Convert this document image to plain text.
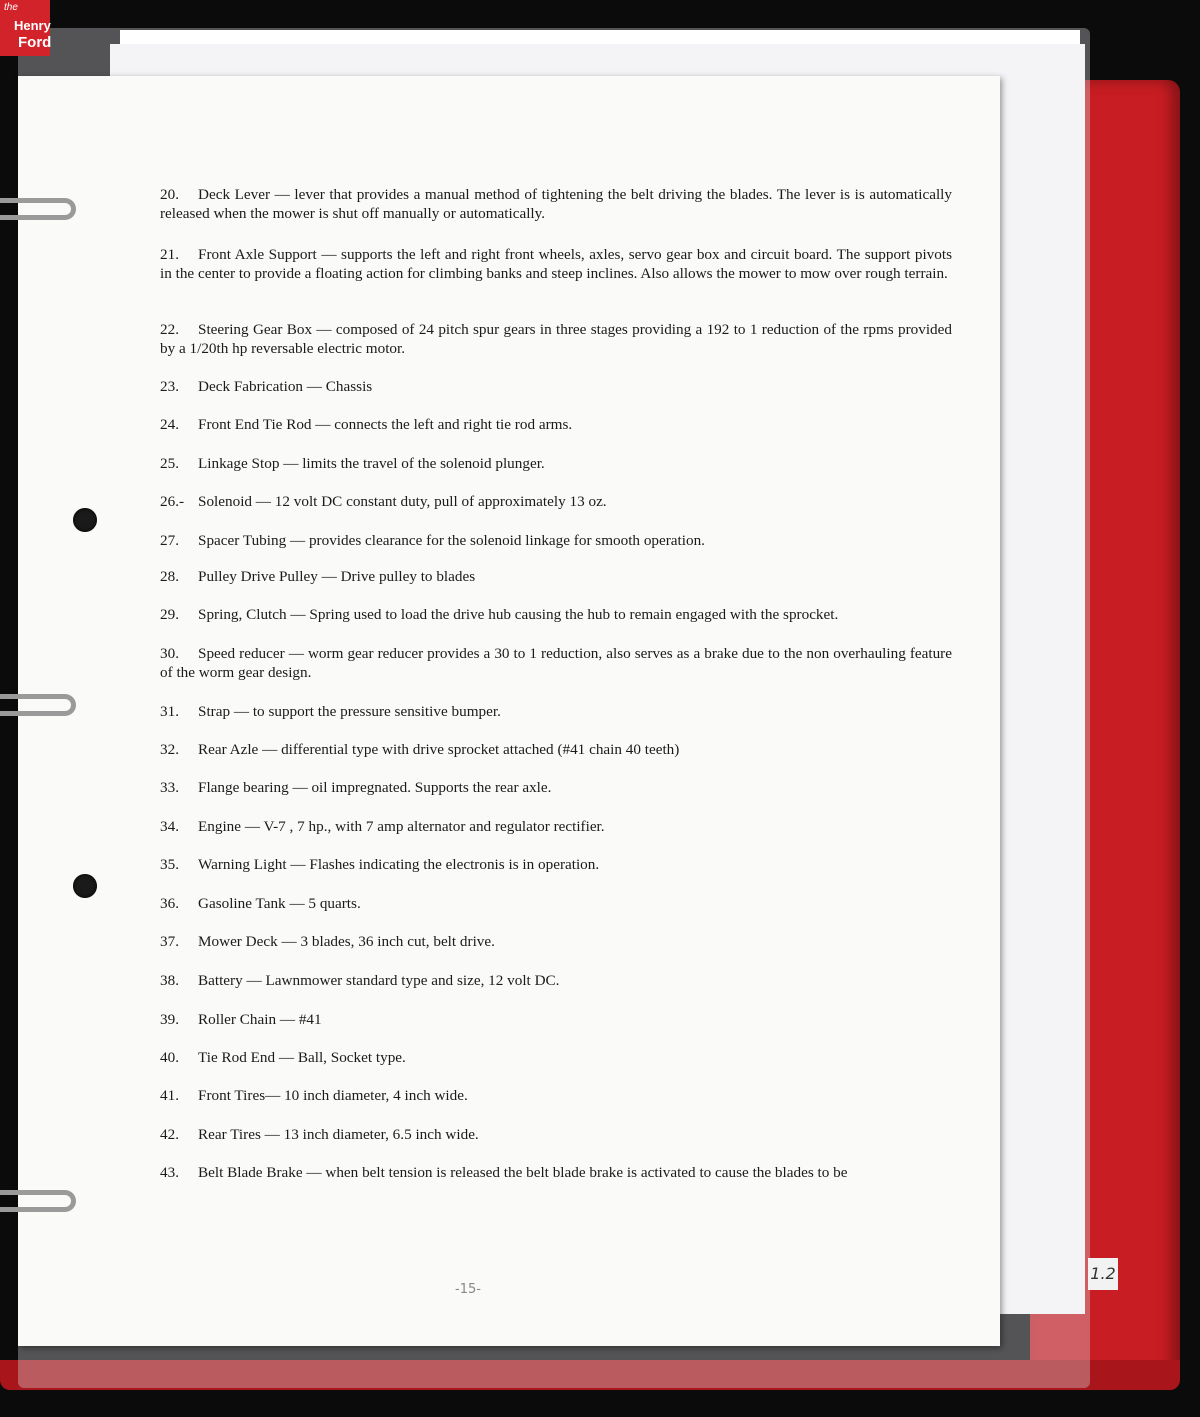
1.2
-15-
the
Henry
Ford
20. Deck Lever — lever that provides a manual method of tightening the belt driving the blades. The lever is is automatically released when the mower is shut off manually or automatically.
21. Front Axle Support — supports the left and right front wheels, axles, servo gear box and circuit board. The support pivots in the center to provide a floating action for climbing banks and steep inclines. Also allows the mower to mow over rough terrain.
22. Steering Gear Box — composed of 24 pitch spur gears in three stages providing a 192 to 1 reduction of the rpms provided by a 1/20th hp reversable electric motor.
23. Deck Fabrication — Chassis
24. Front End Tie Rod — connects the left and right tie rod arms.
25. Linkage Stop — limits the travel of the solenoid plunger.
26.- Solenoid — 12 volt DC constant duty, pull of approximately 13 oz.
27. Spacer Tubing — provides clearance for the solenoid linkage for smooth operation.
28. Pulley Drive Pulley — Drive pulley to blades
29. Spring, Clutch — Spring used to load the drive hub causing the hub to remain engaged with the sprocket.
30. Speed reducer — worm gear reducer provides a 30 to 1 reduction, also serves as a brake due to the non overhauling feature of the worm gear design.
31. Strap — to support the pressure sensitive bumper.
32. Rear Azle — differential type with drive sprocket attached (#41 chain 40 teeth)
33. Flange bearing — oil impregnated. Supports the rear axle.
34. Engine — V-7 , 7 hp., with 7 amp alternator and regulator rectifier.
35. Warning Light — Flashes indicating the electronis is in operation.
36. Gasoline Tank — 5 quarts.
37. Mower Deck — 3 blades, 36 inch cut, belt drive.
38. Battery — Lawnmower standard type and size, 12 volt DC.
39. Roller Chain — #41
40. Tie Rod End — Ball, Socket type.
41. Front Tires— 10 inch diameter, 4 inch wide.
42. Rear Tires — 13 inch diameter, 6.5 inch wide.
43. Belt Blade Brake — when belt tension is released the belt blade brake is activated to cause the blades to be
